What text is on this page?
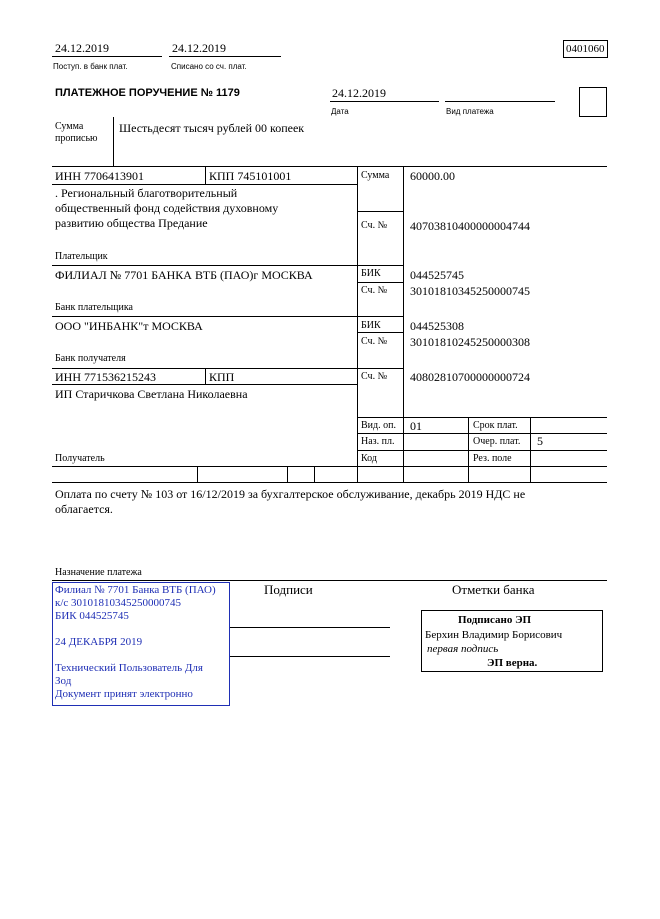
24.12.2019
Поступ. в банк плат.
24.12.2019
Списано со сч. плат.
0401060
ПЛАТЕЖНОЕ ПОРУЧЕНИЕ № 1179	24.12.2019
Дата	Вид платежа
Сумма
прописью
Шестьдесят тысяч рублей 00 копеек
ИНН 7706413901	КПП 745101001
. Региональный благотворительный
общественный фонд содействия духовному
развитию общества Предание
Плательщик
Сумма 60000.00
Сч. № 40703810400000004744
ФИЛИАЛ № 7701 БАНКА ВТБ (ПАО)г МОСКВА
Банк плательщика
БИК 044525745
Сч. № 30101810345250000745
ООО "ИНБАНК"т МОСКВА
Банк получателя
БИК 044525308
Сч. № 30101810245250000308
ИНН 771536215243	КПП	Сч. № 40802810700000000724
ИП Старичкова Светлана Николаевна
Получатель
Вид. оп. 01	Срок плат.
Наз. пл.	Очер. плат. 5
Код	Рез. поле
Оплата по счету № 103 от 16/12/2019 за бухгалтерское обслуживание, декабрь 2019 НДС не
облагается.
Назначение платежа
Филиал № 7701 Банка ВТБ (ПАО)
к/с 30101810345250000745
БИК 044525745
24 ДЕКАБРЯ 2019
Технический Пользователь Для
Зод
Документ принят электронно
Подписи	Отметки банка
Подписано ЭП
Берхин Владимир Борисович
первая подпись
ЭП верна.
